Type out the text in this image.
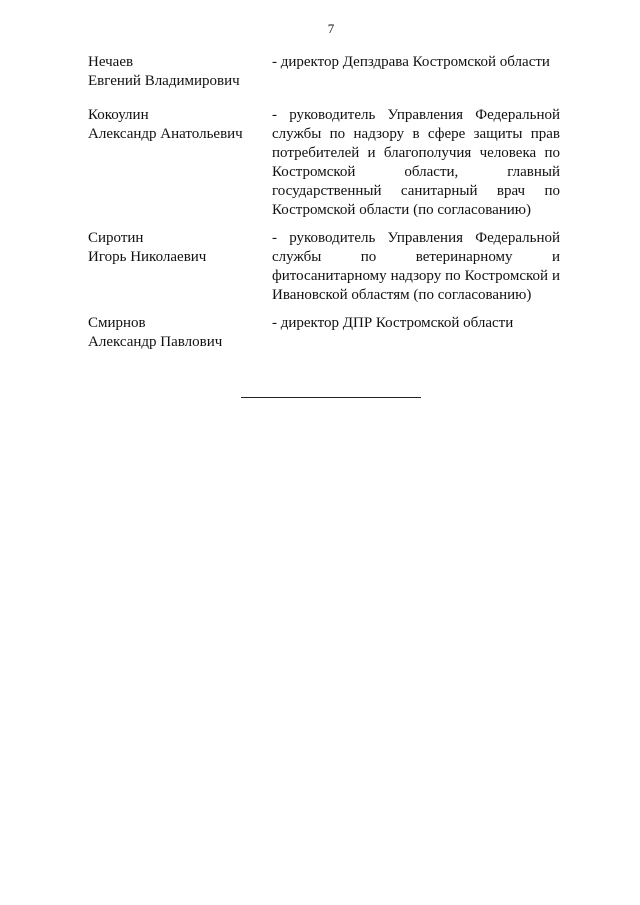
7
Нечаев
Евгений Владимирович
- директор Депздрава Костромской области
Кокоулин
Александр Анатольевич
- руководитель Управления Федеральной службы по надзору в сфере защиты прав потребителей и благополучия человека по Костромской области, главный государственный санитарный врач по Костромской области (по согласованию)
Сиротин
Игорь Николаевич
- руководитель Управления Федеральной службы по ветеринарному и фитосанитарному надзору по Костромской и Ивановской областям (по согласованию)
Смирнов
Александр Павлович
- директор ДПР Костромской области
